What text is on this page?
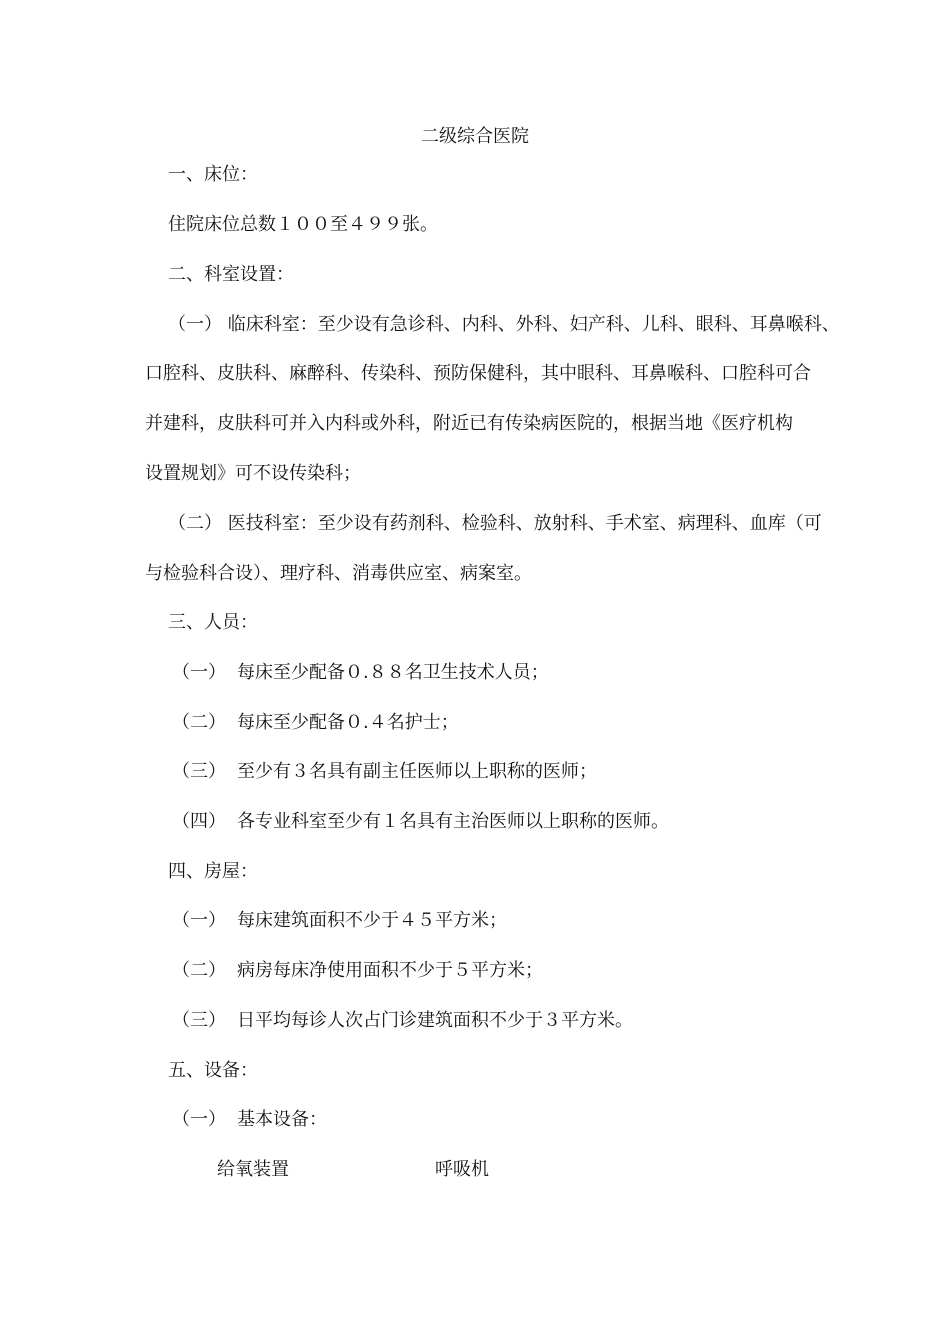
二级综合医院
一、床位：
住院床位总数１００至４９９张。
二、科室设置：
（一） 临床科室：至少设有急诊科、内科、外科、妇产科、儿科、眼科、耳鼻喉科、
口腔科、皮肤科、麻醉科、传染科、预防保健科，其中眼科、耳鼻喉科、口腔科可合
并建科，皮肤科可并入内科或外科，附近已有传染病医院的，根据当地《医疗机构
设置规划》可不设传染科；
（二） 医技科室：至少设有药剂科、检验科、放射科、手术室、病理科、血库（可
与检验科合设）、理疗科、消毒供应室、病案室。
三、人员：
（一） 每床至少配备０.８８名卫生技术人员；
（二） 每床至少配备０.４名护士；
（三） 至少有３名具有副主任医师以上职称的医师；
（四） 各专业科室至少有１名具有主治医师以上职称的医师。
四、房屋：
（一） 每床建筑面积不少于４５平方米；
（二） 病房每床净使用面积不少于５平方米；
（三） 日平均每诊人次占门诊建筑面积不少于３平方米。
五、设备：
（一） 基本设备：
给氧装置	呼吸机
